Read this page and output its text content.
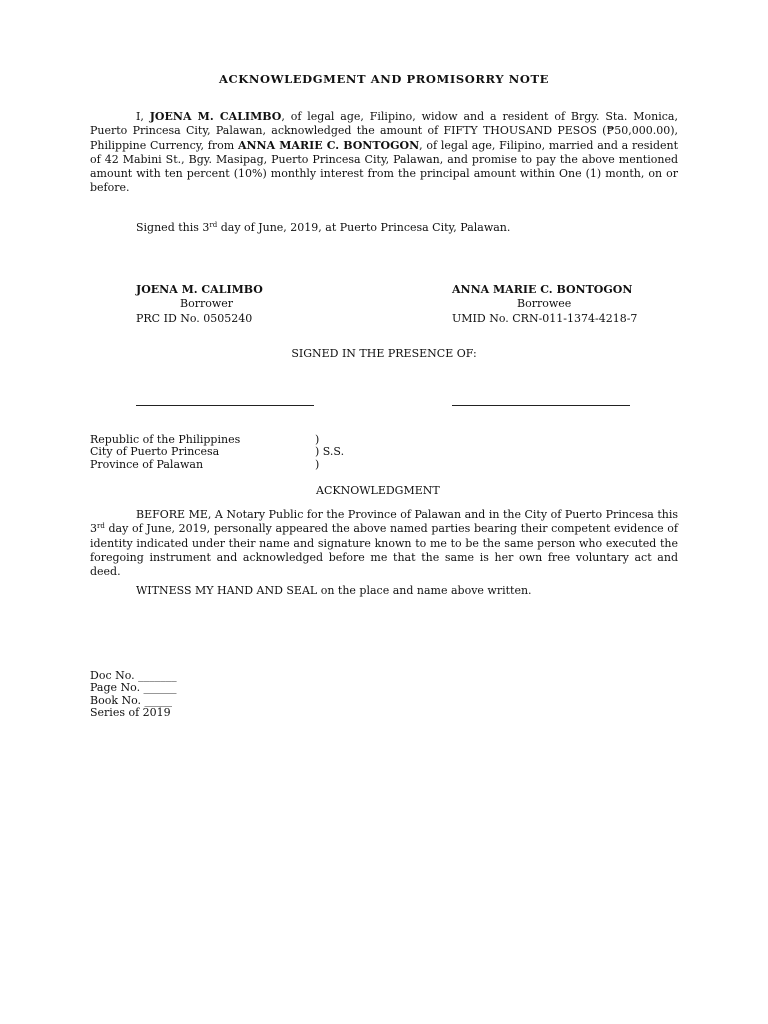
ACKNOWLEDGMENT AND PROMISORRY NOTE

I, JOENA M. CALIMBO, of legal age, Filipino, widow and a resident of Brgy. Sta. Monica, Puerto Princesa City, Palawan, acknowledged the amount of FIFTY THOUSAND PESOS (₱50,000.00), Philippine Currency, from ANNA MARIE C. BONTOGON, of legal age, Filipino, married and a resident of 42 Mabini St., Bgy. Masipag, Puerto Princesa City, Palawan, and promise to pay the above mentioned amount with ten percent (10%) monthly interest from the principal amount within One (1) month, on or before.

Signed this 3rd day of June, 2019, at Puerto Princesa City, Palawan.
JOENA M. CALIMBO
Borrower
PRC ID No. 0505240
ANNA MARIE C. BONTOGON
Borrowee
UMID No. CRN-011-1374-4218-7
SIGNED IN THE PRESENCE OF:
Republic of the Philippines	)
City of Puerto Princesa	) S.S.
Province of Palawan	)
ACKNOWLEDGMENT

BEFORE ME, A Notary Public for the Province of Palawan and in the City of Puerto Princesa this 3rd day of June, 2019, personally appeared the above named parties bearing their competent evidence of identity indicated under their name and signature known to me to be the same person who executed the foregoing instrument and acknowledged before me that the same is her own free voluntary act and deed.

WITNESS MY HAND AND SEAL on the place and name above written.
Doc No. _______
Page No. ______
Book No. _____
Series of 2019
